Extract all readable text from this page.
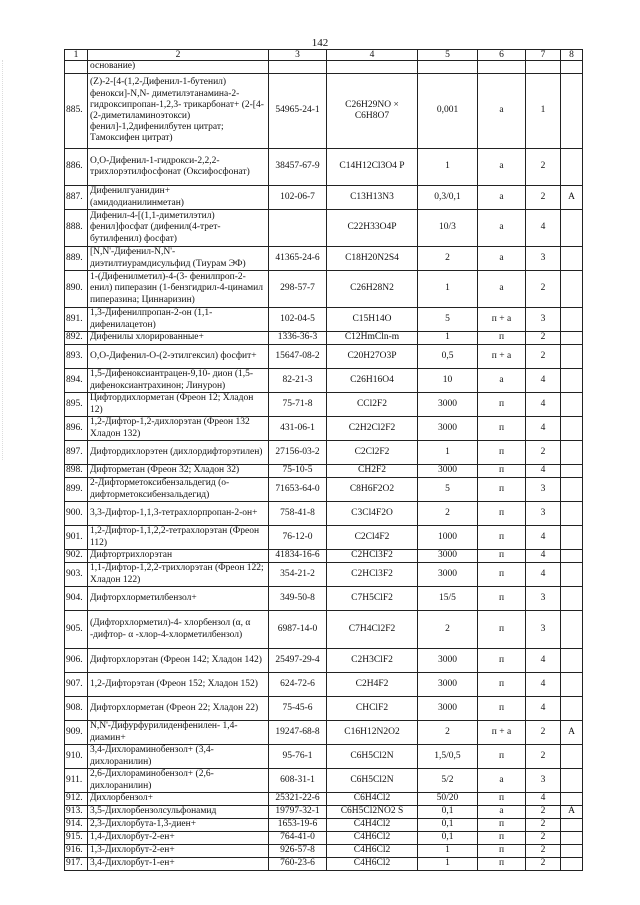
142
1	2	3	4	5	6	7	8
	основание)						
885.	(Z)-2-[4-(1,2-Дифенил-1-бутенил) фенокси]-N,N- диметилэтанамина-2-гидроксипропан-1,2,3- трикарбонат+ (2-[4-(2-диметиламиноэтокси) фенил]-1,2дифенилбутен цитрат; Тамоксифен цитрат)	54965-24-1	C26H29NO × C6H8O7	0,001	а	1	
886.	O,O-Дифенил-1-гидрокси-2,2,2-трихлорэтилфосфонат (Оксифосфонат)	38457-67-9	C14H12Cl3O4 P	1	а	2	
887.	Дифенилгуанидин+ (амидодианилинметан)	102-06-7	C13H13N3	0,3/0,1	а	2	А
888.	Дифенил-4-[(1,1-диметилэтил) фенил]фосфат (дифенил(4-трет-бутилфенил) фосфат)		C22H33O4P	10/3	а	4	
889.	[N,N'-Дифенил-N,N'-диэтилтиурамдисульфид (Тиурам ЭФ)	41365-24-6	C18H20N2S4	2	а	3	
890.	1-(Дифенилметил)-4-(3- фенилпроп-2-енил) пиперазин (1-бензгидрил-4-цинамил пиперазина; Циннаризин)	298-57-7	C26H28N2	1	а	2	
891.	1,3-Дифенилпропан-2-он (1,1-дифенилацетон)	102-04-5	C15H14O	5	п + а	3	
892.	Дифенилы хлорированные+	1336-36-3	C12HmCln-m	1	п	2	
893.	O,O-Дифенил-O-(2-этилгексил) фосфит+	15647-08-2	C20H27O3P	0,5	п + а	2	
894.	1,5-Дифеноксиантрацен-9,10- дион (1,5-дифеноксиантрахинон; Линурон)	82-21-3	C26H16O4	10	а	4	
895.	Цифтордихлорметан (Фреон 12; Хладон 12)	75-71-8	CCl2F2	3000	п	4	
896.	1,2-Дифтор-1,2-дихлорэтан (Фреон 132 Хладон 132)	431-06-1	C2H2Cl2F2	3000	п	4	
897.	Дифтордихлорэтен (дихлордифторэтилен)	27156-03-2	C2Cl2F2	1	п	2	
898.	Дифторметан (Фреон 32; Хладон 32)	75-10-5	CH2F2	3000	п	4	
899.	2-Дифторметоксибензальдегид (о-дифторметоксибензальдегид)	71653-64-0	C8H6F2O2	5	п	3	
900.	3,3-Дифтор-1,1,3-тетрахлорпропан-2-он+	758-41-8	C3Cl4F2O	2	п	3	
901.	1,2-Дифтор-1,1,2,2-тетрахлорэтан (Фреон 112)	76-12-0	C2Cl4F2	1000	п	4	
902.	Дифтортрихлорэтан	41834-16-6	C2HCl3F2	3000	п	4	
903.	1,1-Дифтор-1,2,2-трихлорэтан (Фреон 122; Хладон 122)	354-21-2	C2HCl3F2	3000	п	4	
904.	Дифторхлорметилбензол+	349-50-8	C7H5ClF2	15/5	п	3	
905.	(Дифторхлорметил)-4- хлорбензол (α, α -дифтор- α -хлор-4-хлорметилбензол)	6987-14-0	C7H4Cl2F2	2	п	3	
906.	Дифторхлорэтан (Фреон 142; Хладон 142)	25497-29-4	C2H3ClF2	3000	п	4	
907.	1,2-Дифторэтан (Фреон 152; Хладон 152)	624-72-6	C2H4F2	3000	п	4	
908.	Дифторхлорметан (Фреон 22; Хладон 22)	75-45-6	CHClF2	3000	п	4	
909.	N,N'-Дифурфурилиденфенилен- 1,4-диамин+	19247-68-8	C16H12N2O2	2	п + а	2	А
910.	3,4-Дихлораминобензол+ (3,4-дихлоранилин)	95-76-1	C6H5Cl2N	1,5/0,5	п	2	
911.	2,6-Дихлораминобензол+ (2,6-дихлоранилин)	608-31-1	C6H5Cl2N	5/2	а	3	
912.	Дихлорбензол+	25321-22-6	C6H4Cl2	50/20	п	4	
913.	3,5-Дихлорбензолсульфонамид	19797-32-1	C6H5Cl2NO2 S	0,1	а	2	А
914.	2,3-Дихлорбута-1,3-диен+	1653-19-6	C4H4Cl2	0,1	п	2	
915.	1,4-Дихлорбут-2-ен+	764-41-0	C4H6Cl2	0,1	п	2	
916.	1,3-Дихлорбут-2-ен+	926-57-8	C4H6Cl2	1	п	2	
917.	3,4-Дихлорбут-1-ен+	760-23-6	C4H6Cl2	1	п	2	
